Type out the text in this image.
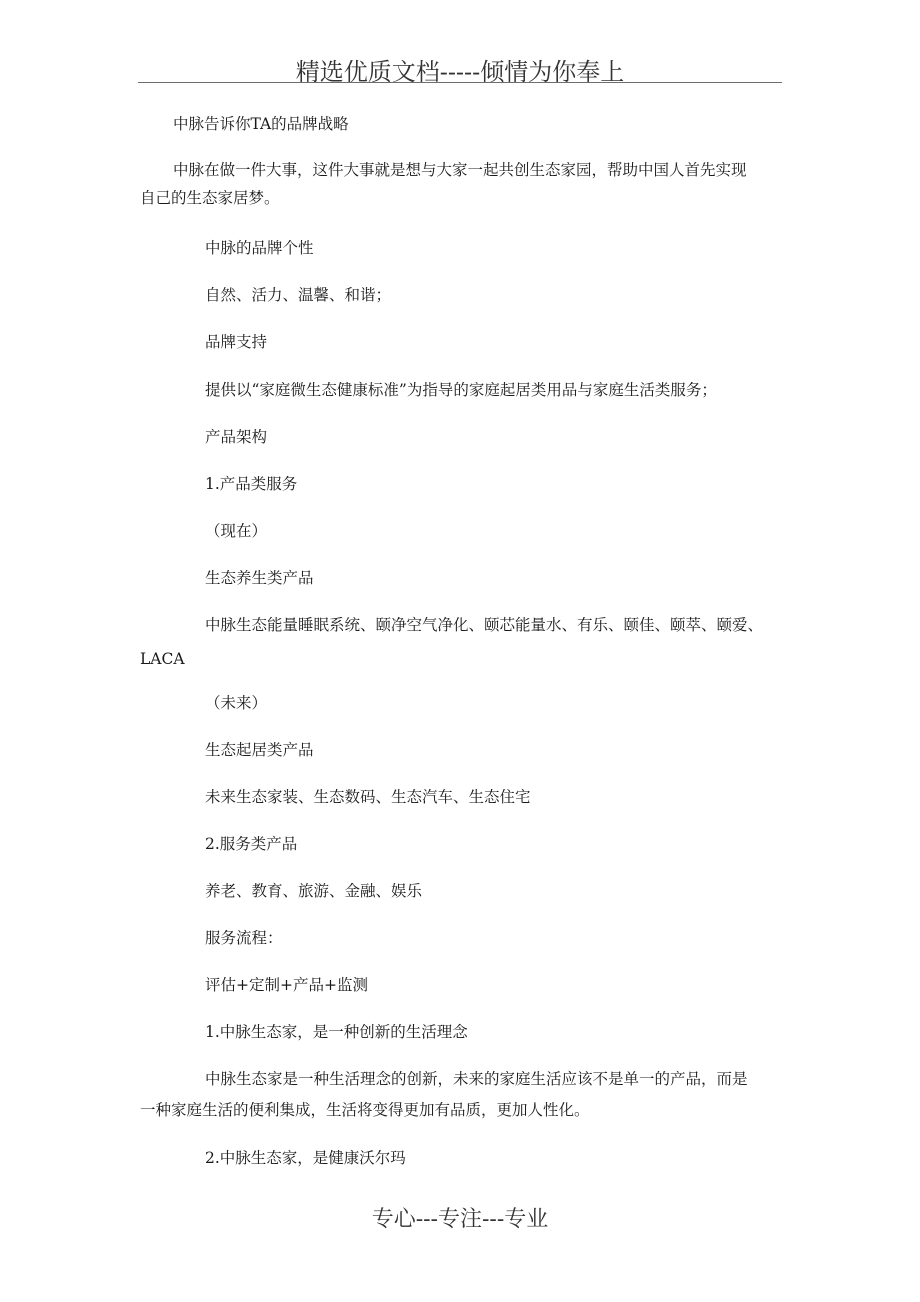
精选优质文档-----倾情为你奉上
中脉告诉你TA的品牌战略
中脉在做一件大事，这件大事就是想与大家一起共创生态家园，帮助中国人首先实现
自己的生态家居梦。
中脉的品牌个性
自然、活力、温馨、和谐；
品牌支持
提供以“家庭微生态健康标准”为指导的家庭起居类用品与家庭生活类服务；
产品架构
1.产品类服务
（现在）
生态养生类产品
中脉生态能量睡眠系统、颐净空气净化、颐芯能量水、有乐、颐佳、颐萃、颐爱、
LACA
（未来）
生态起居类产品
未来生态家装、生态数码、生态汽车、生态住宅
2.服务类产品
养老、教育、旅游、金融、娱乐
服务流程：
评估+定制+产品+监测
1.中脉生态家，是一种创新的生活理念
中脉生态家是一种生活理念的创新，未来的家庭生活应该不是单一的产品，而是
一种家庭生活的便利集成，生活将变得更加有品质，更加人性化。
2.中脉生态家，是健康沃尔玛
专心---专注---专业
